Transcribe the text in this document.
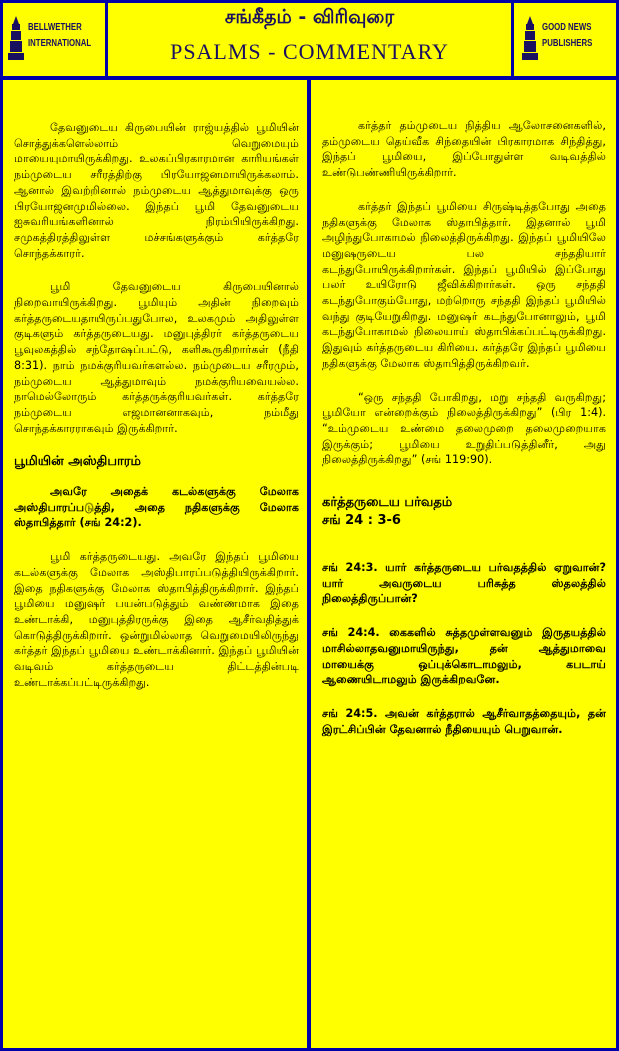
BELLWETHER
INTERNATIONAL
சங்கீதம் - விரிவுரை
PSALMS - COMMENTARY
GOOD NEWS
PUBLISHERS

தேவனுடைய கிருபையின் ராஜ்யத்தில் பூமியின் சொத்துக்களெல்லாம் வெறுமையும் மாயையுமாயிருக்கிறது. உலகப்பிரகாரமான காரியங்கள் நம்முடைய சரீரத்திற்கு பிரயோஜனமாயிருக்கலாம். ஆனால் இவற்றினால் நம்முடைய ஆத்துமாவுக்கு ஒரு பிரயோஜனமுமில்லை. இந்தப் பூமி தேவனுடைய ஐசுவரியங்களினால் நிரம்பியிருக்கிறது. சமுகத்திரத்திலுள்ள மச்சங்களுக்கும் கர்த்தரே சொந்தக்காரர்.

பூமி தேவனுடைய கிருபையினால் நிறைவாயிருக்கிறது. பூமியும் அதின் நிறைவும் கர்த்தருடையதாயிருப்பதுபோல, உலகமும் அதிலுள்ள குடிகளும் கர்த்தருடையது. மனுபுத்திரர் கர்த்தருடைய பூவுலகத்தில் சந்தோஷப்பட்டு, களிகூருகிறார்கள் (நீதி 8:31). நாம் நமக்குரியவர்களல்ல. நம்முடைய சரீரமும், நம்முடைய ஆத்துமாவும் நமக்குரியவையல்ல. நாமெல்லோரும் கர்த்தருக்குரியவர்கள். கர்த்தரே நம்முடைய எஜமானனாகவும், நம்மீது சொந்தக்காரராகவும் இருக்கிறார்.

பூமியின் அஸ்திபாரம்

அவரே அதைக் கடல்களுக்கு மேலாக அஸ்திபாரப்படுத்தி, அதை நதிகளுக்கு மேலாக ஸ்தாபித்தார் (சங் 24:2).

பூமி கர்த்தருடையது. அவரே இந்தப் பூமியை கடல்களுக்கு மேலாக அஸ்திபாரப்படுத்தியிருக்கிறார். இதை நதிகளுக்கு மேலாக ஸ்தாபித்திருக்கிறார். இந்தப் பூமியை மனுஷர் பயன்படுத்தும் வண்ணமாக இதை உண்டாக்கி, மனுபுத்திரருக்கு இதை ஆசீர்வதித்துக் கொடுத்திருக்கிறார். ஒன்றுமில்லாத வெறுமையிலிருந்து கர்த்தர் இந்தப் பூமியை உண்டாக்கினார். இந்தப் பூமியின் வடிவம் கர்த்தருடைய திட்டத்தின்படி உண்டாக்கப்பட்டிருக்கிறது.

கர்த்தர் தம்முடைய நித்திய ஆலோசனைகளில், தம்முடைய தெய்வீக சிந்தையின் பிரகாரமாக சிந்தித்து, இந்தப் பூமியை, இப்போதுள்ள வடிவத்தில் உண்டுபண்ணியிருக்கிறார்.

கர்த்தர் இந்தப் பூமியை சிருஷ்டித்தபோது அதை நதிகளுக்கு மேலாக ஸ்தாபித்தார். இதனால் பூமி அழிந்துபோகாமல் நிலைத்திருக்கிறது. இந்தப் பூமியிலே மனுஷருடைய பல சந்ததியார் கடந்துபோயிருக்கிறார்கள். இந்தப் பூமியில் இப்போது பலர் உயிரோடு ஜீவிக்கிறார்கள். ஒரு சந்ததி கடந்துபோகும்போது, மற்றொரு சந்ததி இந்தப் பூமியில் வந்து குடியேறுகிறது. மனுஷர் கடந்துபோனாலும், பூமி கடந்துபோகாமல் நிலையாய் ஸ்தாபிக்கப்பட்டிருக்கிறது. இதுவும் கர்த்தருடைய கிரியை. கர்த்தரே இந்தப் பூமியை நதிகளுக்கு மேலாக ஸ்தாபித்திருக்கிறவர்.

“ஒரு சந்ததி போகிறது, மறு சந்ததி வருகிறது; பூமியோ என்றைக்கும் நிலைத்திருக்கிறது” (பிர 1:4). “உம்முடைய உண்மை தலைமுறை தலைமுறையாக இருக்கும்; பூமியை உறுதிப்படுத்தினீர், அது நிலைத்திருக்கிறது” (சங் 119:90).

கர்த்தருடைய பர்வதம்
சங் 24 : 3-6

சங் 24:3. யார் கர்த்தருடைய பர்வதத்தில் ஏறுவான்? யார் அவருடைய பரிசுத்த ஸ்தலத்தில் நிலைத்திருப்பான்?

சங் 24:4. கைகளில் சுத்தமுள்ளவனும் இருதயத்தில் மாசில்லாதவனுமாயிருந்து, தன் ஆத்துமாவை மாயைக்கு ஒப்புக்கொடாமலும், கபடாய் ஆணையிடாமலும் இருக்கிறவனே.

சங் 24:5. அவன் கர்த்தரால் ஆசீர்வாதத்தையும், தன் இரட்சிப்பின் தேவனால் நீதியையும் பெறுவான்.
